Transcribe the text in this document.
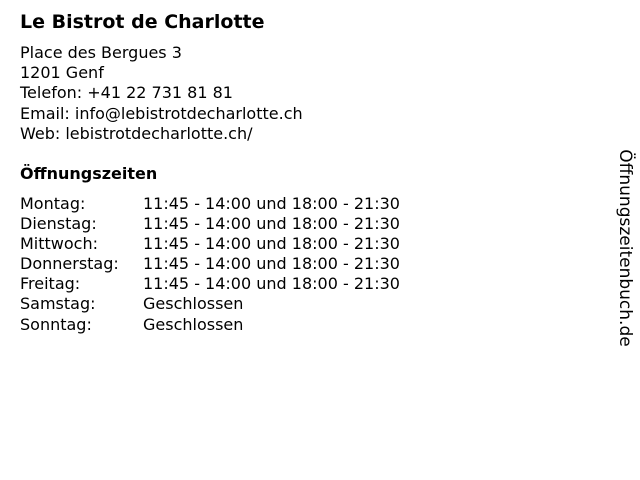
Le Bistrot de Charlotte
Place des Bergues 3
1201 Genf
Telefon: +41 22 731 81 81
Email: info@lebistrotdecharlotte.ch
Web: lebistrotdecharlotte.ch/
Öffnungszeiten
Montag:	11:45 - 14:00 und 18:00 - 21:30
Dienstag:	11:45 - 14:00 und 18:00 - 21:30
Mittwoch:	11:45 - 14:00 und 18:00 - 21:30
Donnerstag:	11:45 - 14:00 und 18:00 - 21:30
Freitag:	11:45 - 14:00 und 18:00 - 21:30
Samstag:	Geschlossen
Sonntag:	Geschlossen	Öffnungszeitenbuch.de
